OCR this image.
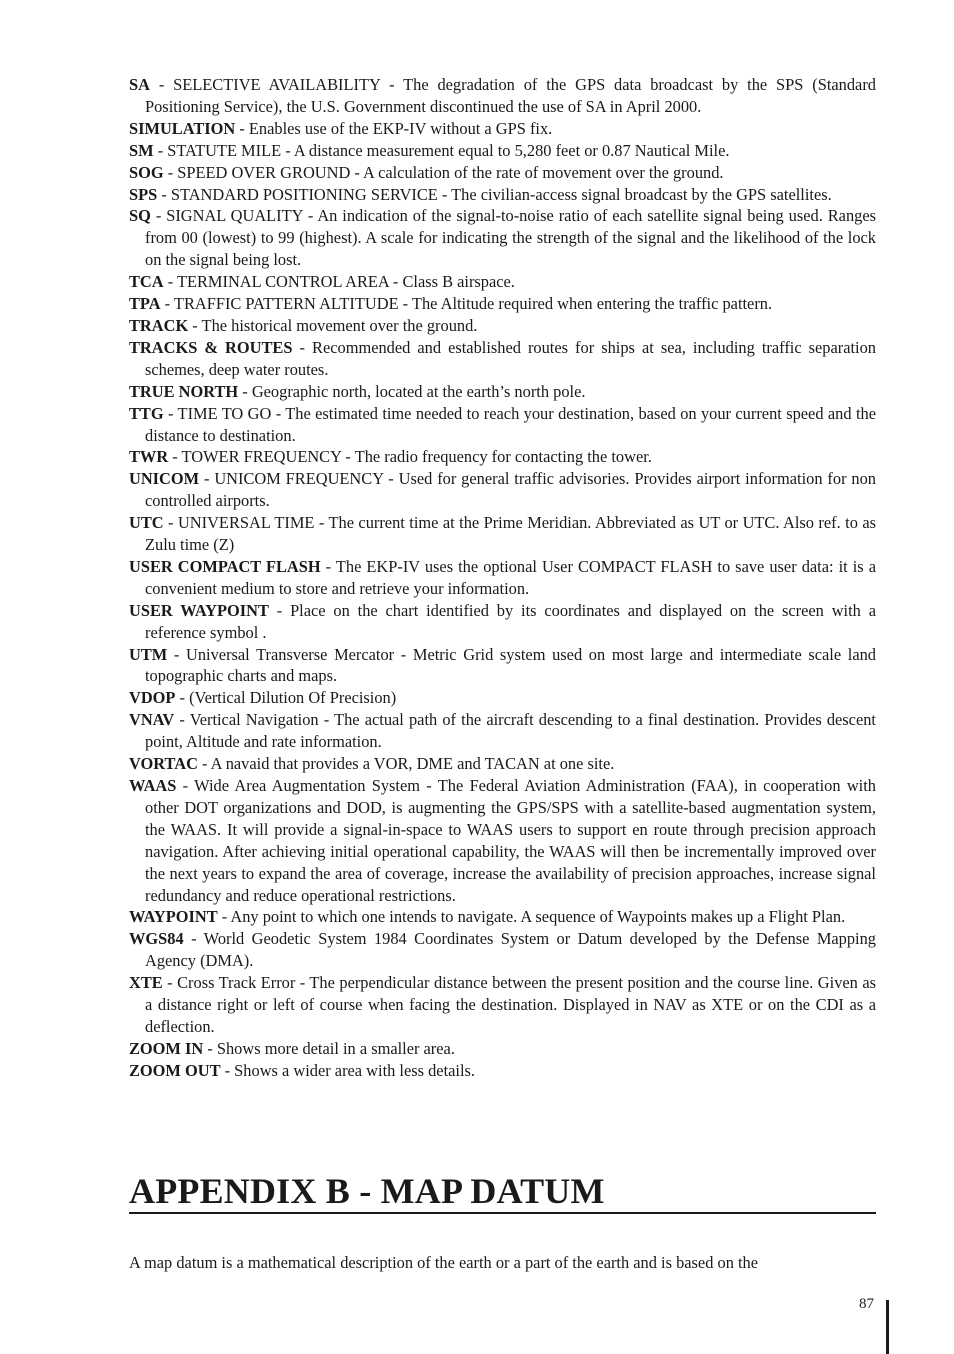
SA - SELECTIVE AVAILABILITY - The degradation of the GPS data broadcast by the SPS (Standard Positioning Service), the U.S. Government discontinued the use of SA in April 2000.

SIMULATION - Enables use of the EKP-IV without a GPS fix.

SM - STATUTE MILE - A distance measurement equal to 5,280 feet or 0.87 Nautical Mile.

SOG - SPEED OVER GROUND - A calculation of the rate of movement over the ground.

SPS - STANDARD POSITIONING SERVICE - The civilian-access signal broadcast by the GPS satellites.

SQ - SIGNAL QUALITY - An indication of the signal-to-noise ratio of each satellite signal being used. Ranges from 00 (lowest) to 99 (highest). A scale for indicating the strength of the signal and the likelihood of the lock on the signal being lost.

TCA - TERMINAL CONTROL AREA - Class B airspace.

TPA - TRAFFIC PATTERN ALTITUDE - The Altitude required when entering the traffic pattern.

TRACK - The historical movement over the ground.

TRACKS & ROUTES - Recommended and established routes for ships at sea, including traffic separation schemes, deep water routes.

TRUE NORTH - Geographic north, located at the earth’s north pole.

TTG - TIME TO GO - The estimated time needed to reach your destination, based on your current speed and the distance to destination.

TWR - TOWER FREQUENCY - The radio frequency for contacting the tower.

UNICOM - UNICOM FREQUENCY - Used for general traffic advisories. Provides airport information for non controlled airports.

UTC - UNIVERSAL TIME - The current time at the Prime Meridian. Abbreviated as UT or UTC. Also ref. to as Zulu time (Z)

USER COMPACT FLASH - The EKP-IV uses the optional User COMPACT FLASH to save user data: it is a convenient medium to store and retrieve your information.

USER WAYPOINT - Place on the chart identified by its coordinates and displayed on the screen with a reference symbol .

UTM - Universal Transverse Mercator - Metric Grid system used on most large and intermediate scale land topographic charts and maps.

VDOP - (Vertical Dilution Of Precision)

VNAV - Vertical Navigation - The actual path of the aircraft descending to a final destination. Provides descent point, Altitude and rate information.

VORTAC - A navaid that provides a VOR, DME and TACAN at one site.

WAAS - Wide Area Augmentation System - The Federal Aviation Administration (FAA), in cooperation with other DOT organizations and DOD, is augmenting the GPS/SPS with a satellite-based augmentation system, the WAAS. It will provide a signal-in-space to WAAS users to support en route through precision approach navigation. After achieving initial operational capability, the WAAS will then be incrementally improved over the next years to expand the area of coverage, increase the availability of precision approaches, increase signal redundancy and reduce operational restrictions.

WAYPOINT - Any point to which one intends to navigate. A sequence of Waypoints makes up a Flight Plan.

WGS84 - World Geodetic System 1984 Coordinates System or Datum developed by the Defense Mapping Agency (DMA).

XTE - Cross Track Error - The perpendicular distance between the present position and the course line. Given as a distance right or left of course when facing the destination. Displayed in NAV as XTE or on the CDI as a deflection.

ZOOM IN - Shows more detail in a smaller area.

ZOOM OUT - Shows a wider area with less details.

APPENDIX B - MAP DATUM

A map datum is a mathematical description of the earth or a part of the earth and is based on the

87
